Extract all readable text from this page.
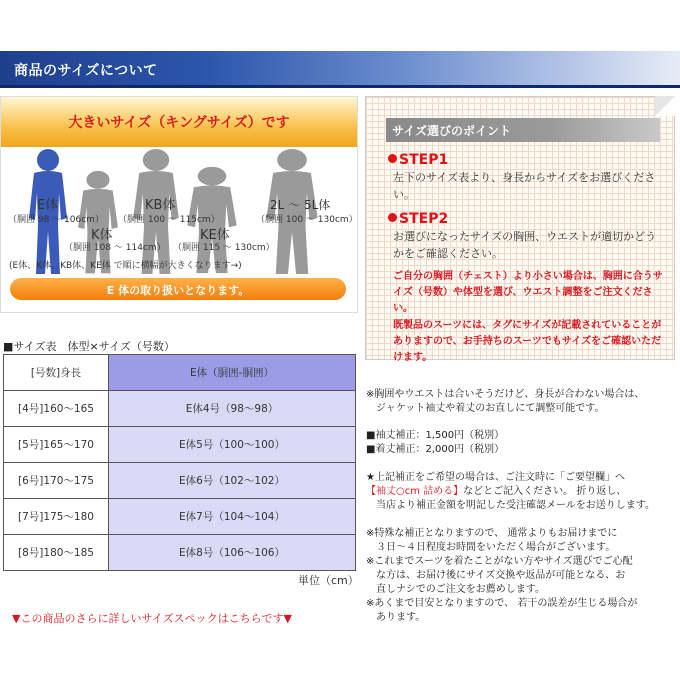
商品のサイズについて
大きいサイズ（キングサイズ）です
E体
（胴囲 98 ～ 106cm）
K体
（胴囲 108 ～ 114cm）
KB体
（胴囲 100 ～ 115cm）
KE体
（胴囲 115 ～ 130cm）
2L ～ 5L体
（胴囲 100 ～ 130cm）
(E体、K体、KB体、KE体 で順に横幅が大きくなります→)
E 体の取り扱いとなります。
■サイズ表　体型×サイズ（号数）
[号数]身長	E体（胴囲-胴囲）
[4号]160～165	E体4号（98～98）
[5号]165～170	E体5号（100～100）
[6号]170～175	E体6号（102～102）
[7号]175～180	E体7号（104～104）
[8号]180～185	E体8号（106～106）
単位（cm）
▼この商品のさらに詳しいサイズスペックはこちらです▼
サイズ選びのポイント
STEP1
左下のサイズ表より、身長からサイズをお選びください。
STEP2
お選びになったサイズの胸囲、ウエストが適切かどうかをご確認ください。
ご自分の胸囲（チェスト）より小さい場合は、胸囲に合うサイズ（号数）や体型を選び、ウエスト調整をご注文ください。
既製品のスーツには、タグにサイズが記載されていることがありますので、お手持ちのスーツでもサイズをご確認いただけます。
※胸囲やウエストは合いそうだけど、身長が合わない場合は、
　ジャケット袖丈や着丈のお直しにて調整可能です。
■袖丈補正：1,500円（税別）
■着丈補正：2,000円（税別）
★上記補正をご希望の場合は、ご注文時に「ご要望欄」へ
【袖丈○cm 詰める】などとご記入ください。 折り返し、
　当店より補正金額を明記した受注確認メールをお送りします。
※特殊な補正となりますので、 通常よりもお届けまでに
　３日～４日程度お時間をいただく場合がございます。
※これまでスーツを着たことがない方やサイズ選びでご心配
　な方は、お届け後にサイズ交換や返品が可能となる、お
　直しナシでのご注文をお薦めします。
※あくまで目安となりますので、 若干の誤差が生じる場合が
　あります。
